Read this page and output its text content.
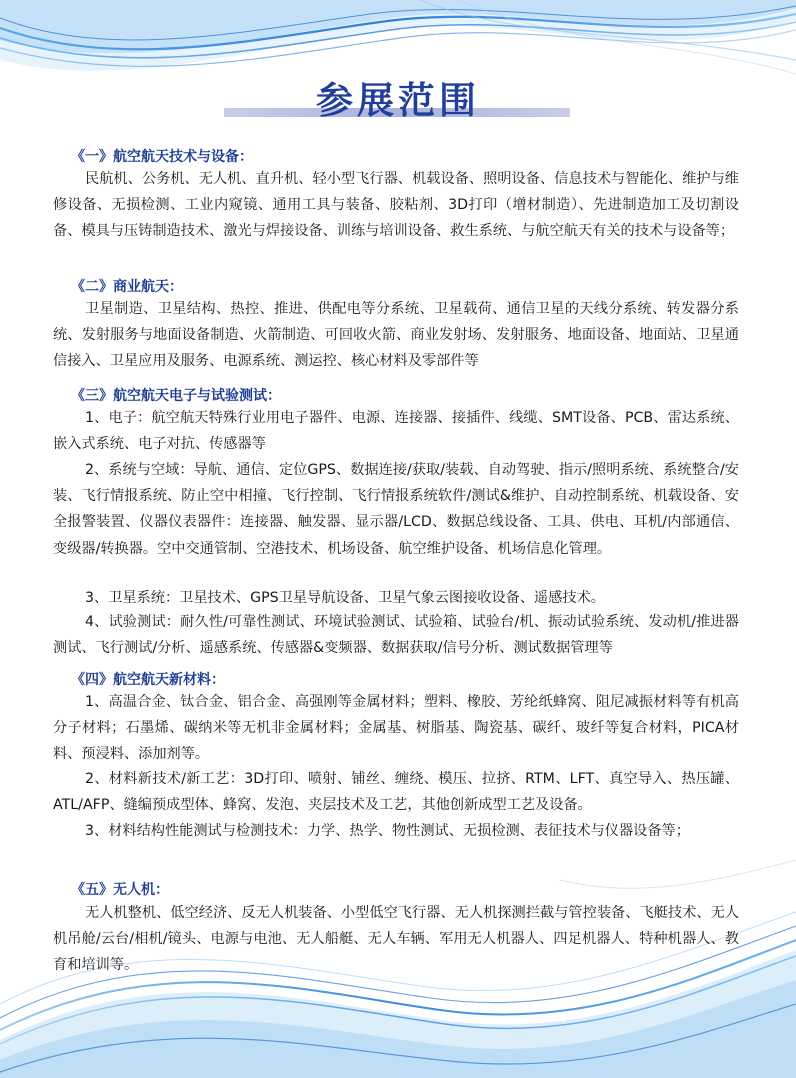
参展范围
《一》航空航天技术与设备：
民航机、公务机、无人机、直升机、轻小型飞行器、机载设备、照明设备、信息技术与智能化、维护与维修设备、无损检测、工业内窥镜、通用工具与装备、胶粘剂、3D打印（增材制造）、先进制造加工及切割设备、模具与压铸制造技术、激光与焊接设备、训练与培训设备、救生系统、与航空航天有关的技术与设备等；
《二》商业航天：
卫星制造、卫星结构、热控、推进、供配电等分系统、卫星载荷、通信卫星的天线分系统、转发器分系统、发射服务与地面设备制造、火箭制造、可回收火箭、商业发射场、发射服务、地面设备、地面站、卫星通信接入、卫星应用及服务、电源系统、测运控、核心材料及零部件等
《三》航空航天电子与试验测试：
1、电子：航空航天特殊行业用电子器件、电源、连接器、接插件、线缆、SMT设备、PCB、雷达系统、嵌入式系统、电子对抗、传感器等
2、系统与空域：导航、通信、定位GPS、数据连接/获取/装载、自动驾驶、指示/照明系统、系统整合/安装、飞行情报系统、防止空中相撞、飞行控制、飞行情报系统软件/测试&维护、自动控制系统、机载设备、安全报警装置、仪器仪表器件：连接器、触发器、显示器/LCD、数据总线设备、工具、供电、耳机/内部通信、变级器/转换器。空中交通管制、空港技术、机场设备、航空维护设备、机场信息化管理。
3、卫星系统：卫星技术、GPS卫星导航设备、卫星气象云图接收设备、遥感技术。
4、试验测试：耐久性/可靠性测试、环境试验测试、试验箱、试验台/机、振动试验系统、发动机/推进器测试、飞行测试/分析、遥感系统、传感器&变频器、数据获取/信号分析、测试数据管理等
《四》航空航天新材料：
1、高温合金、钛合金、铝合金、高强刚等金属材料；塑料、橡胶、芳纶纸蜂窝、阻尼减振材料等有机高分子材料；石墨烯、碳纳米等无机非金属材料；金属基、树脂基、陶瓷基、碳纤、玻纤等复合材料，PICA材料、预浸料、添加剂等。
2、材料新技术/新工艺：3D打印、喷射、铺丝、缠绕、模压、拉挤、RTM、LFT、真空导入、热压罐、ATL/AFP、缝编预成型体、蜂窝、发泡、夹层技术及工艺，其他创新成型工艺及设备。
3、材料结构性能测试与检测技术：力学、热学、物性测试、无损检测、表征技术与仪器设备等；
《五》无人机：
无人机整机、低空经济、反无人机装备、小型低空飞行器、无人机探测拦截与管控装备、飞艇技术、无人机吊舱/云台/相机/镜头、电源与电池、无人船艇、无人车辆、军用无人机器人、四足机器人、特种机器人、教育和培训等。
